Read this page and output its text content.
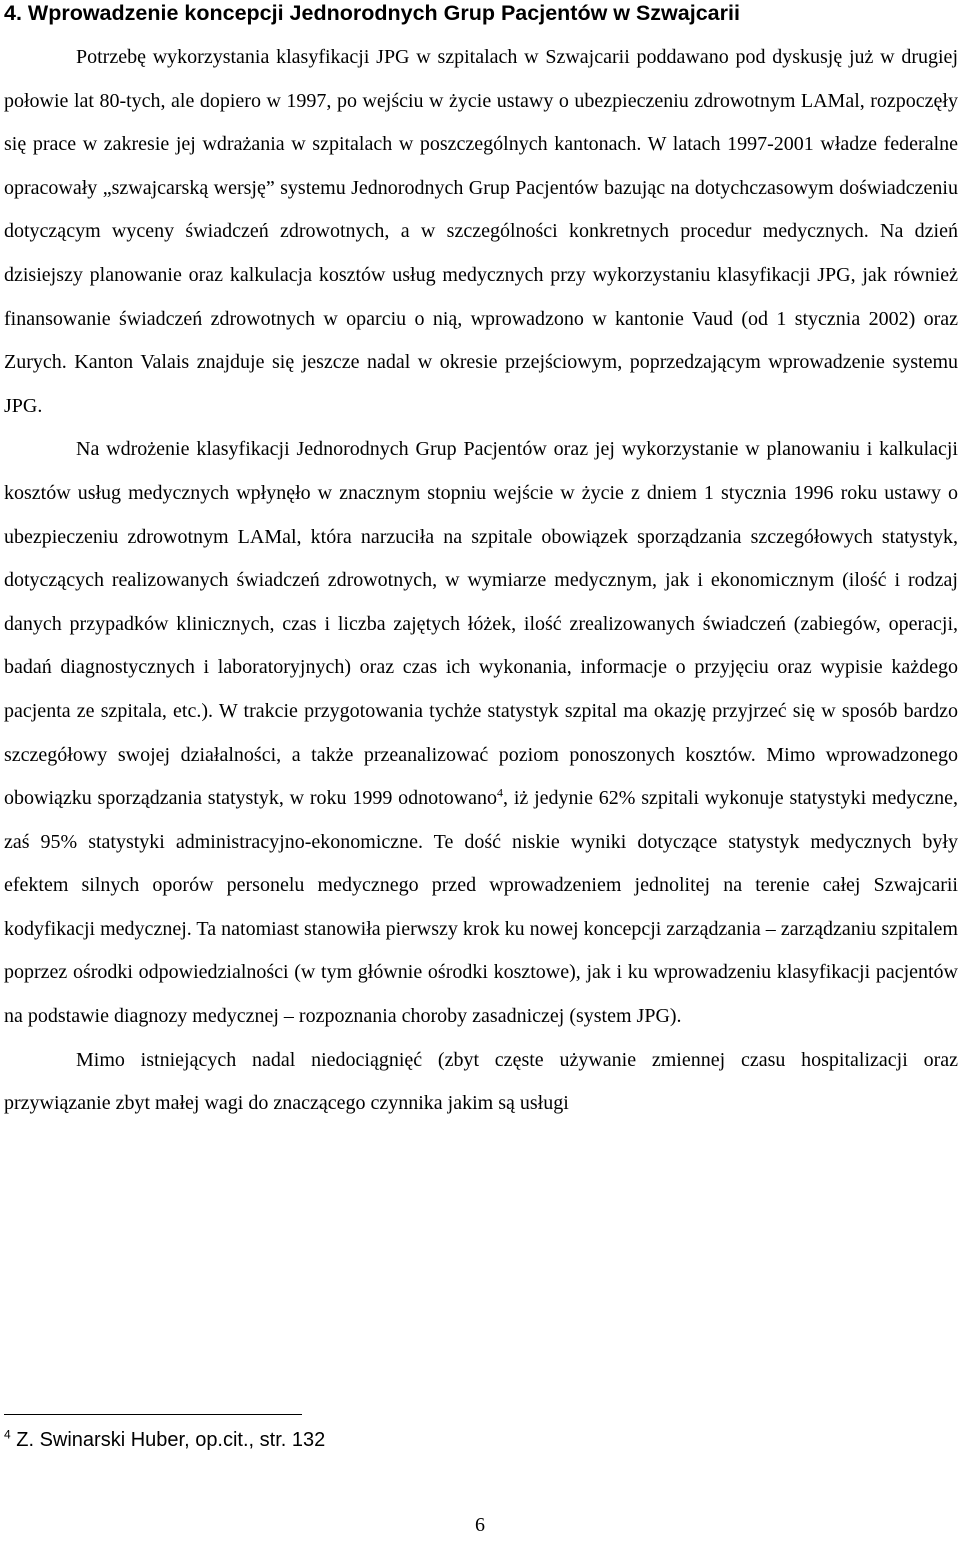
4. Wprowadzenie koncepcji Jednorodnych Grup Pacjentów w Szwajcarii

Potrzebę wykorzystania klasyfikacji JPG w szpitalach w Szwajcarii poddawano pod dyskusję już w drugiej połowie lat 80-tych, ale dopiero w 1997, po wejściu w życie ustawy o ubezpieczeniu zdrowotnym LAMal, rozpoczęły się prace w zakresie jej wdrażania w szpitalach w poszczególnych kantonach. W latach 1997-2001 władze federalne opracowały „szwajcarską wersję” systemu Jednorodnych Grup Pacjentów bazując na dotychczasowym doświadczeniu dotyczącym wyceny świadczeń zdrowotnych, a w szczególności konkretnych procedur medycznych. Na dzień dzisiejszy planowanie oraz kalkulacja kosztów usług medycznych przy wykorzystaniu klasyfikacji JPG, jak również finansowanie świadczeń zdrowotnych w oparciu o nią, wprowadzono w kantonie Vaud (od 1 stycznia 2002) oraz Zurych. Kanton Valais znajduje się jeszcze nadal w okresie przejściowym, poprzedzającym wprowadzenie systemu JPG.

Na wdrożenie klasyfikacji Jednorodnych Grup Pacjentów oraz jej wykorzystanie w planowaniu i kalkulacji kosztów usług medycznych wpłynęło w znacznym stopniu wejście w życie z dniem 1 stycznia 1996 roku ustawy o ubezpieczeniu zdrowotnym LAMal, która narzuciła na szpitale obowiązek sporządzania szczegółowych statystyk, dotyczących realizowanych świadczeń zdrowotnych, w wymiarze medycznym, jak i ekonomicznym (ilość i rodzaj danych przypadków klinicznych, czas i liczba zajętych łóżek, ilość zrealizowanych świadczeń (zabiegów, operacji, badań diagnostycznych i laboratoryjnych) oraz czas ich wykonania, informacje o przyjęciu oraz wypisie każdego pacjenta ze szpitala, etc.). W trakcie przygotowania tychże statystyk szpital ma okazję przyjrzeć się w sposób bardzo szczegółowy swojej działalności, a także przeanalizować poziom ponoszonych kosztów. Mimo wprowadzonego obowiązku sporządzania statystyk, w roku 1999 odnotowano$^4$, iż jedynie 62% szpitali wykonuje statystyki medyczne, zaś 95% statystyki administracyjno-ekonomiczne. Te dość niskie wyniki dotyczące statystyk medycznych były efektem silnych oporów personelu medycznego przed wprowadzeniem jednolitej na terenie całej Szwajcarii kodyfikacji medycznej. Ta natomiast stanowiła pierwszy krok ku nowej koncepcji zarządzania – zarządzaniu szpitalem poprzez ośrodki odpowiedzialności (w tym głównie ośrodki kosztowe), jak i ku wprowadzeniu klasyfikacji pacjentów na podstawie diagnozy medycznej – rozpoznania choroby zasadniczej (system JPG).

Mimo istniejących nadal niedociągnięć (zbyt częste używanie zmiennej czasu hospitalizacji oraz przywiązanie zbyt małej wagi do znaczącego czynnika jakim są usługi

$^4$ Z. Swinarski Huber, op.cit., str. 132

6
